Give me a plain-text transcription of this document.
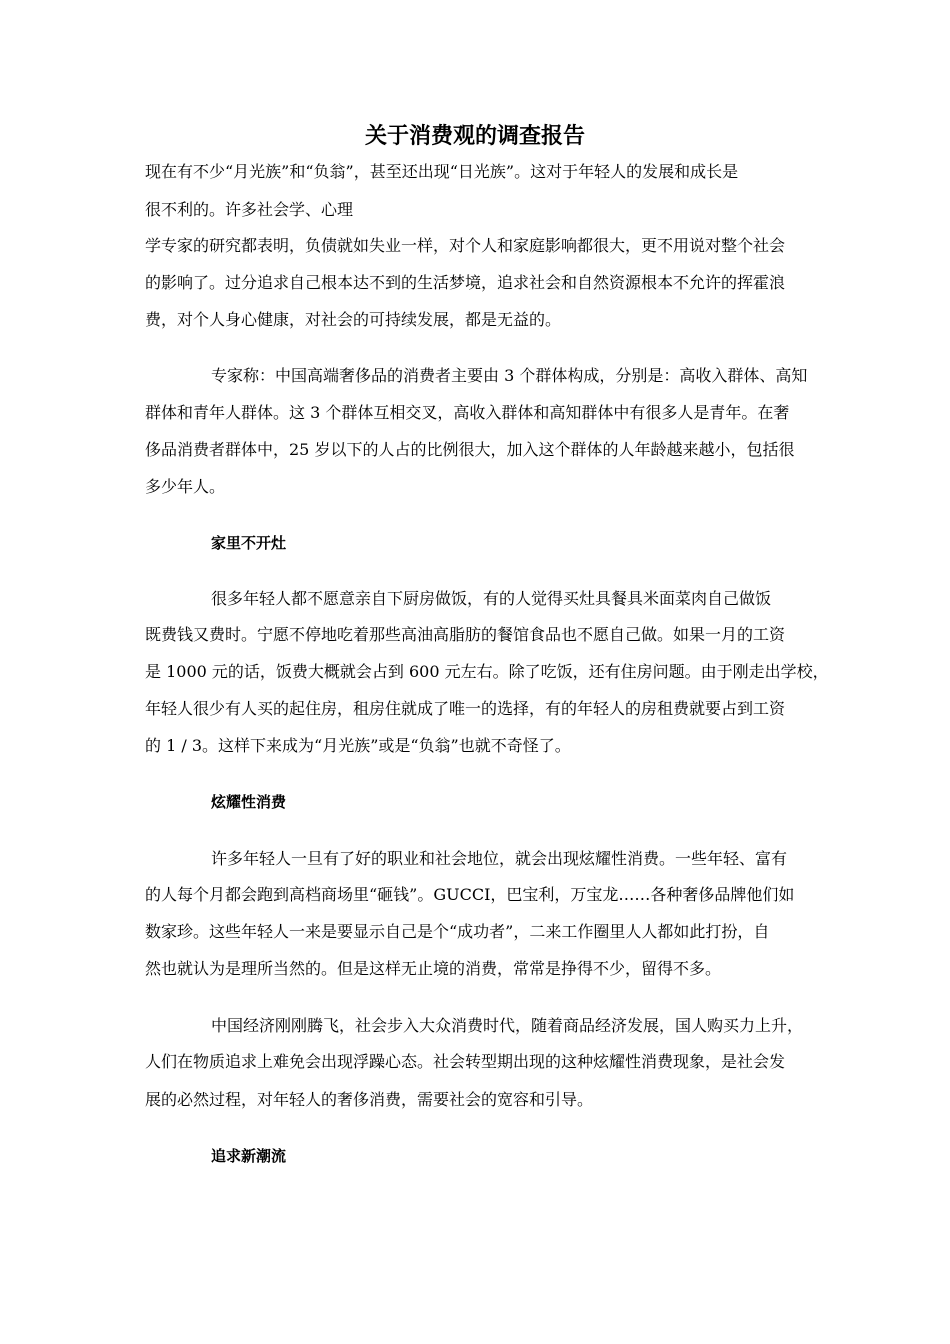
关于消费观的调查报告
现在有不少“月光族”和“负翁”，甚至还出现“日光族”。这对于年轻人的发展和成长是
很不利的。许多社会学、心理
学专家的研究都表明，负债就如失业一样，对个人和家庭影响都很大，更不用说对整个社会
的影响了。过分追求自己根本达不到的生活梦境，追求社会和自然资源根本不允许的挥霍浪
费，对个人身心健康，对社会的可持续发展，都是无益的。
专家称：中国高端奢侈品的消费者主要由 3 个群体构成，分别是：高收入群体、高知
群体和青年人群体。这 3 个群体互相交叉，高收入群体和高知群体中有很多人是青年。在奢
侈品消费者群体中，25 岁以下的人占的比例很大，加入这个群体的人年龄越来越小，包括很
多少年人。
家里不开灶
很多年轻人都不愿意亲自下厨房做饭，有的人觉得买灶具餐具米面菜肉自己做饭
既费钱又费时。宁愿不停地吃着那些高油高脂肪的餐馆食品也不愿自己做。如果一月的工资
是 1000 元的话，饭费大概就会占到 600 元左右。除了吃饭，还有住房问题。由于刚走出学校，
年轻人很少有人买的起住房，租房住就成了唯一的选择，有的年轻人的房租费就要占到工资
的 1 / 3。这样下来成为“月光族”或是“负翁”也就不奇怪了。
炫耀性消费
许多年轻人一旦有了好的职业和社会地位，就会出现炫耀性消费。一些年轻、富有
的人每个月都会跑到高档商场里“砸钱”。GUCCI，巴宝利，万宝龙……各种奢侈品牌他们如
数家珍。这些年轻人一来是要显示自己是个“成功者”，二来工作圈里人人都如此打扮，自
然也就认为是理所当然的。但是这样无止境的消费，常常是挣得不少，留得不多。
中国经济刚刚腾飞，社会步入大众消费时代，随着商品经济发展，国人购买力上升，
人们在物质追求上难免会出现浮躁心态。社会转型期出现的这种炫耀性消费现象，是社会发
展的必然过程，对年轻人的奢侈消费，需要社会的宽容和引导。
追求新潮流
